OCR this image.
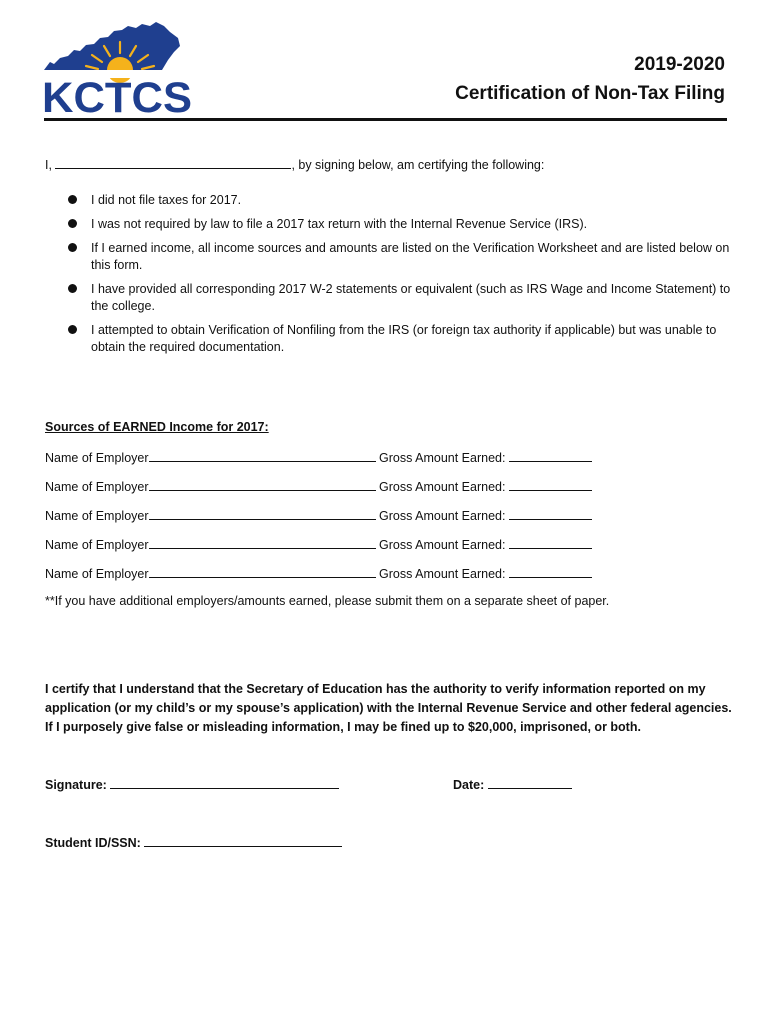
KCTCS
2019-2020
Certification of Non-Tax Filing
I,	, by signing below, am certifying the following:
I did not file taxes for 2017.
I was not required by law to file a 2017 tax return with the Internal Revenue Service (IRS).
If I earned income, all income sources and amounts are listed on the Verification Worksheet and are listed below on this form.
I have provided all corresponding 2017 W-2 statements or equivalent (such as IRS Wage and Income Statement) to the college.
I attempted to obtain Verification of Nonfiling from the IRS (or foreign tax authority if applicable) but was unable to obtain the required documentation.
Sources of EARNED Income for 2017:
Name of Employer	Gross Amount Earned:
Name of Employer	Gross Amount Earned:
Name of Employer	Gross Amount Earned:
Name of Employer	Gross Amount Earned:
Name of Employer	Gross Amount Earned:
**If you have additional employers/amounts earned, please submit them on a separate sheet of paper.
I certify that I understand that the Secretary of Education has the authority to verify information reported on my application (or my child’s or my spouse’s application) with the Internal Revenue Service and other federal agencies. If I purposely give false or misleading information, I may be fined up to $20,000, imprisoned, or both.
Signature:	Date:
Student ID/SSN:
